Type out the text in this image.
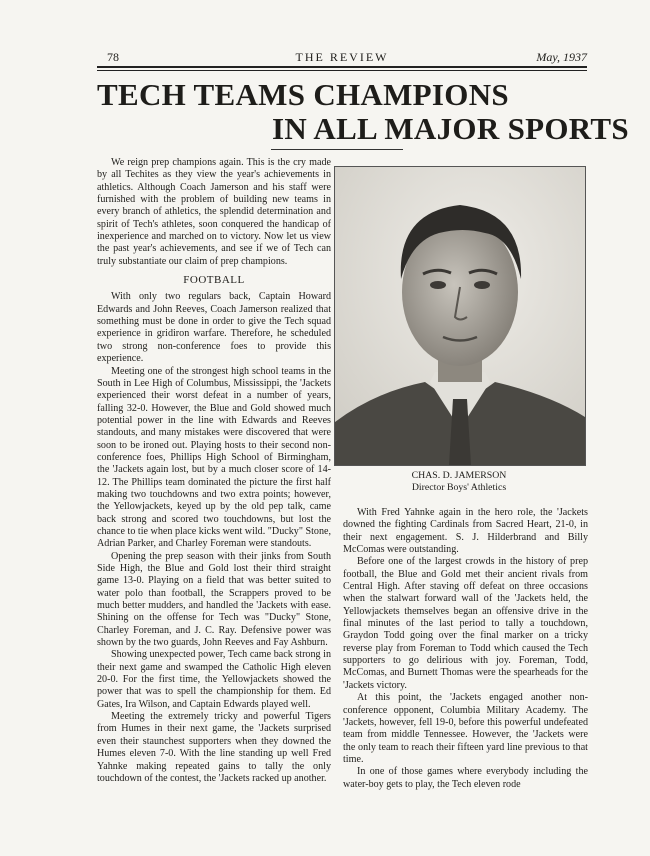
78	THE REVIEW	May, 1937
TECH TEAMS CHAMPIONS
IN ALL MAJOR SPORTS

We reign prep champions again. This is the cry made by all Techites as they view the year's achievements in athletics. Although Coach Jamerson and his staff were furnished with the problem of building new teams in every branch of athletics, the splendid determination and spirit of Tech's athletes, soon conquered the handicap of inexperience and marched on to victory. Now let us view the past year's achievements, and see if we of Tech can truly substantiate our claim of prep champions.

FOOTBALL

With only two regulars back, Captain Howard Edwards and John Reeves, Coach Jamerson realized that something must be done in order to give the Tech squad experience in gridiron warfare. Therefore, he scheduled two strong non-conference foes to provide this experience.

Meeting one of the strongest high school teams in the South in Lee High of Columbus, Mississippi, the 'Jackets experienced their worst defeat in a number of years, falling 32-0. However, the Blue and Gold showed much potential power in the line with Edwards and Reeves standouts, and many mistakes were discovered that were soon to be ironed out. Playing hosts to their second non-conference foes, Phillips High School of Birmingham, the 'Jackets again lost, but by a much closer score of 14-12. The Phillips team dominated the picture the first half making two touchdowns and two extra points; however, the Yellowjackets, keyed up by the old pep talk, came back strong and scored two touchdowns, but lost the chance to tie when place kicks went wild. "Ducky" Stone, Adrian Parker, and Charley Foreman were standouts.

Opening the prep season with their jinks from South Side High, the Blue and Gold lost their third straight game 13-0. Playing on a field that was better suited to water polo than football, the Scrappers proved to be much better mudders, and handled the 'Jackets with ease. Shining on the offense for Tech was "Ducky" Stone, Charley Foreman, and J. C. Ray. Defensive power was shown by the two guards, John Reeves and Fay Ashburn.

Showing unexpected power, Tech came back strong in their next game and swamped the Catholic High eleven 20-0. For the first time, the Yellowjackets showed the power that was to spell the championship for them. Ed Gates, Ira Wilson, and Captain Edwards played well.

Meeting the extremely tricky and powerful Tigers from Humes in their next game, the 'Jackets surprised even their staunchest supporters when they downed the Humes eleven 7-0. With the line standing up well Fred Yahnke making repeated gains to tally the only touchdown of the contest, the 'Jackets racked up another.

CHAS. D. JAMERSON
Director Boys' Athletics

With Fred Yahnke again in the hero role, the 'Jackets downed the fighting Cardinals from Sacred Heart, 21-0, in their next engagement. S. J. Hilderbrand and Billy McComas were outstanding.

Before one of the largest crowds in the history of prep football, the Blue and Gold met their ancient rivals from Central High. After staving off defeat on three occasions when the stalwart forward wall of the 'Jackets held, the Yellowjackets themselves began an offensive drive in the final minutes of the last period to tally a touchdown, Graydon Todd going over the final marker on a tricky reverse play from Foreman to Todd which caused the Tech supporters to go delirious with joy. Foreman, Todd, McComas, and Burnett Thomas were the spearheads for the 'Jackets victory.

At this point, the 'Jackets engaged another non-conference opponent, Columbia Military Academy. The 'Jackets, however, fell 19-0, before this powerful undefeated team from middle Tennessee. However, the 'Jackets were the only team to reach their fifteen yard line previous to that time.

In one of those games where everybody including the water-boy gets to play, the Tech eleven rode
